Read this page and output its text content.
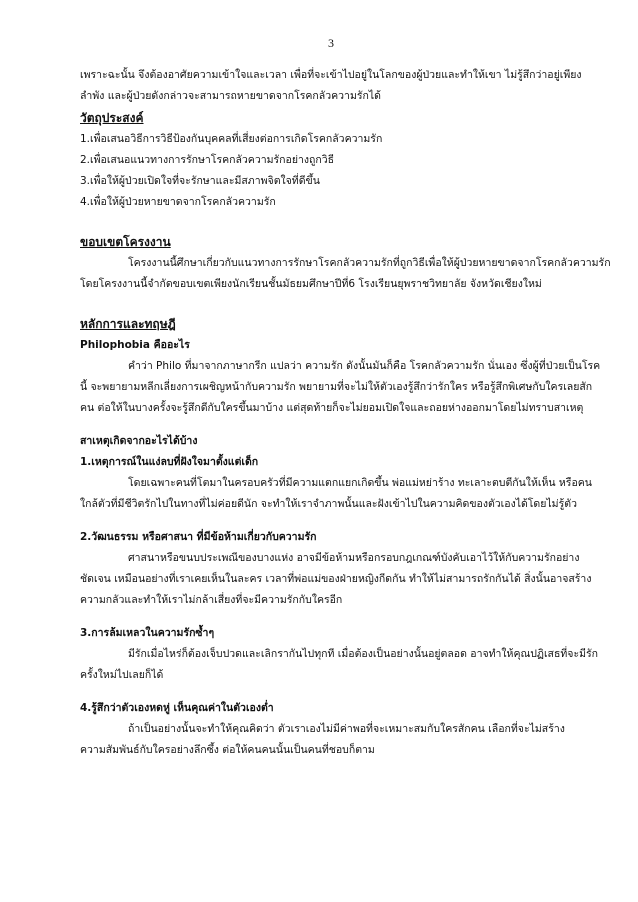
3
เพราะฉะนั้น จึงต้องอาศัยความเข้าใจและเวลา เพื่อที่จะเข้าไปอยู่ในโลกของผู้ป่วยและทำให้เขา ไม่รู้สึกว่าอยู่เพียง
ลำพัง และผู้ป่วยดังกล่าวจะสามารถหายขาดจากโรคกลัวความรักได้
วัตถุประสงค์
1.เพื่อเสนอวิธีการวิธีป้องกันบุคคลที่เสี่ยงต่อการเกิดโรคกลัวความรัก
2.เพื่อเสนอแนวทางการรักษาโรคกลัวความรักอย่างถูกวิธี
3.เพื่อให้ผู้ป่วยเปิดใจที่จะรักษาและมีสภาพจิตใจที่ดีขึ้น
4.เพื่อให้ผู้ป่วยหายขาดจากโรคกลัวความรัก
ขอบเขตโครงงาน
โครงงานนี้ศึกษาเกี่ยวกับแนวทางการรักษาโรคกลัวความรักที่ถูกวิธีเพื่อให้ผู้ป่วยหายขาดจากโรคกลัวความรัก
โดยโครงงานนี้จำกัดขอบเขตเพียงนักเรียนชั้นมัธยมศึกษาปีที่6 โรงเรียนยุพราชวิทยาลัย จังหวัดเชียงใหม่
หลักการและทฤษฎี
Philophobia คืออะไร
คำว่า Philo ที่มาจากภาษากรีก แปลว่า ความรัก ดังนั้นมันก็คือ โรคกลัวความรัก นั่นเอง ซึ่งผู้ที่ป่วยเป็นโรค
นี้ จะพยายามหลีกเลี่ยงการเผชิญหน้ากับความรัก พยายามที่จะไม่ให้ตัวเองรู้สึกว่ารักใคร หรือรู้สึกพิเศษกับใครเลยสัก
คน ต่อให้ในบางครั้งจะรู้สึกดีกับใครขึ้นมาบ้าง แต่สุดท้ายก็จะไม่ยอมเปิดใจและถอยห่างออกมาโดยไม่ทราบสาเหตุ
สาเหตุเกิดจากอะไรได้บ้าง
1.เหตุการณ์ในแง่ลบที่ฝังใจมาตั้งแต่เด็ก
โดยเฉพาะคนที่โตมาในครอบครัวที่มีความแตกแยกเกิดขึ้น พ่อแม่หย่าร้าง ทะเลาะตบตีกันให้เห็น หรือคน
ใกล้ตัวที่มีชีวิตรักไปในทางที่ไม่ค่อยดีนัก จะทำให้เราจำภาพนั้นและฝังเข้าไปในความคิดของตัวเองได้โดยไม่รู้ตัว
2.วัฒนธรรม หรือศาสนา ที่มีข้อห้ามเกี่ยวกับความรัก
ศาสนาหรือขนบประเพณีของบางแห่ง อาจมีข้อห้ามหรือกรอบกฎเกณฑ์บังคับเอาไว้ให้กับความรักอย่าง
ชัดเจน เหมือนอย่างที่เราเคยเห็นในละคร เวลาที่พ่อแม่ของฝ่ายหญิงกีดกัน ทำให้ไม่สามารถรักกันได้ สิ่งนั้นอาจสร้าง
ความกลัวและทำให้เราไม่กล้าเสี่ยงที่จะมีความรักกับใครอีก
3.การล้มเหลวในความรักซ้ำๆ
มีรักเมื่อไหร่ก็ต้องเจ็บปวดและเลิกรากันไปทุกที เมื่อต้องเป็นอย่างนั้นอยู่ตลอด อาจทำให้คุณปฏิเสธที่จะมีรัก
ครั้งใหม่ไปเลยก็ได้
4.รู้สึกว่าตัวเองหดหู่ เห็นคุณค่าในตัวเองต่ำ
ถ้าเป็นอย่างนั้นจะทำให้คุณคิดว่า ตัวเราเองไม่มีค่าพอที่จะเหมาะสมกับใครสักคน เลือกที่จะไม่สร้าง
ความสัมพันธ์กับใครอย่างลึกซึ้ง ต่อให้คนคนนั้นเป็นคนที่ชอบก็ตาม
